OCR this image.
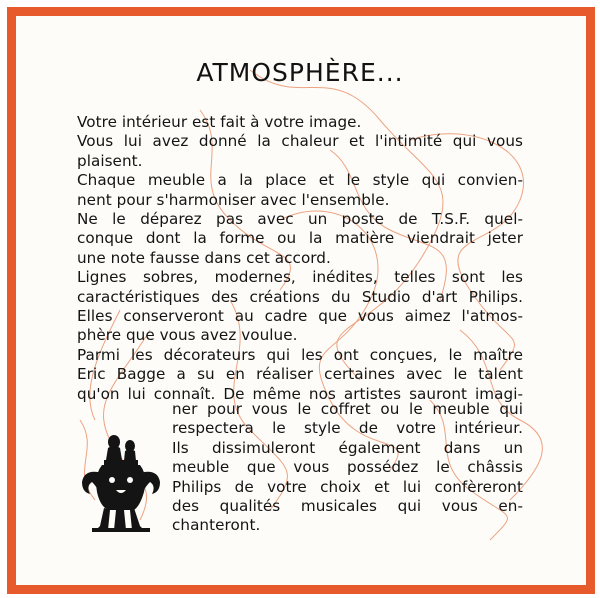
ATMOSPHÈRE...
Votre intérieur est fait à votre image.
Vous lui avez donné la chaleur et l'intimité qui vous
plaisent.
Chaque meuble a la place et le style qui convien-
nent pour s'harmoniser avec l'ensemble.
Ne le déparez pas avec un poste de T.S.F. quel-
conque dont la forme ou la matière viendrait jeter
une note fausse dans cet accord.
Lignes sobres, modernes, inédites, telles sont les
caractéristiques des créations du Studio d'art Philips.
Elles conserveront au cadre que vous aimez l'atmos-
phère que vous avez voulue.
Parmi les décorateurs qui les ont conçues, le maître
Eric Bagge a su en réaliser certaines avec le talent
qu'on lui connaît. De même nos artistes sauront imagi-
ner pour vous le coffret ou le meuble qui
respectera le style de votre intérieur.
Ils dissimuleront également dans un
meuble que vous possédez le châssis
Philips de votre choix et lui confèreront
des qualités musicales qui vous en-
chanteront.
